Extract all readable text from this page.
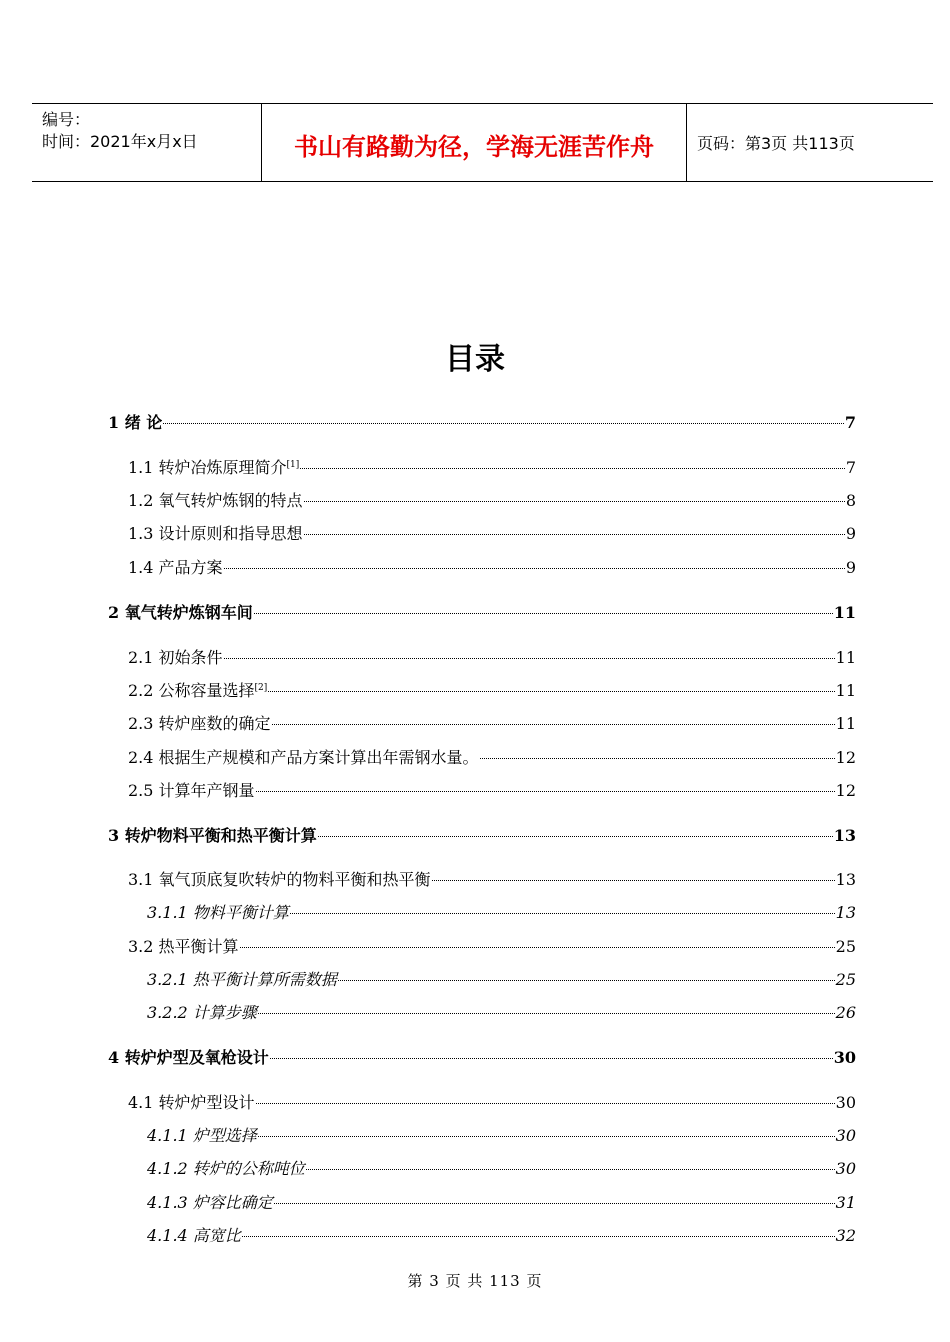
编号：
时间：2021年x月x日	书山有路勤为径，学海无涯苦作舟	页码：第3页 共113页
目录
1 绪 论	7
1.1 转炉冶炼原理简介[1]	7
1.2 氧气转炉炼钢的特点	8
1.3 设计原则和指导思想	9
1.4 产品方案	9
2 氧气转炉炼钢车间	11
2.1 初始条件	11
2.2 公称容量选择[2]	11
2.3 转炉座数的确定	11
2.4 根据生产规模和产品方案计算出年需钢水量。	12
2.5 计算年产钢量	12
3 转炉物料平衡和热平衡计算	13
3.1 氧气顶底复吹转炉的物料平衡和热平衡	13
3.1.1 物料平衡计算	13
3.2 热平衡计算	25
3.2.1 热平衡计算所需数据	25
3.2.2 计算步骤	26
4 转炉炉型及氧枪设计	30
4.1 转炉炉型设计	30
4.1.1 炉型选择	30
4.1.2 转炉的公称吨位	30
4.1.3 炉容比确定	31
4.1.4 高宽比	32
第 3 页 共 113 页
